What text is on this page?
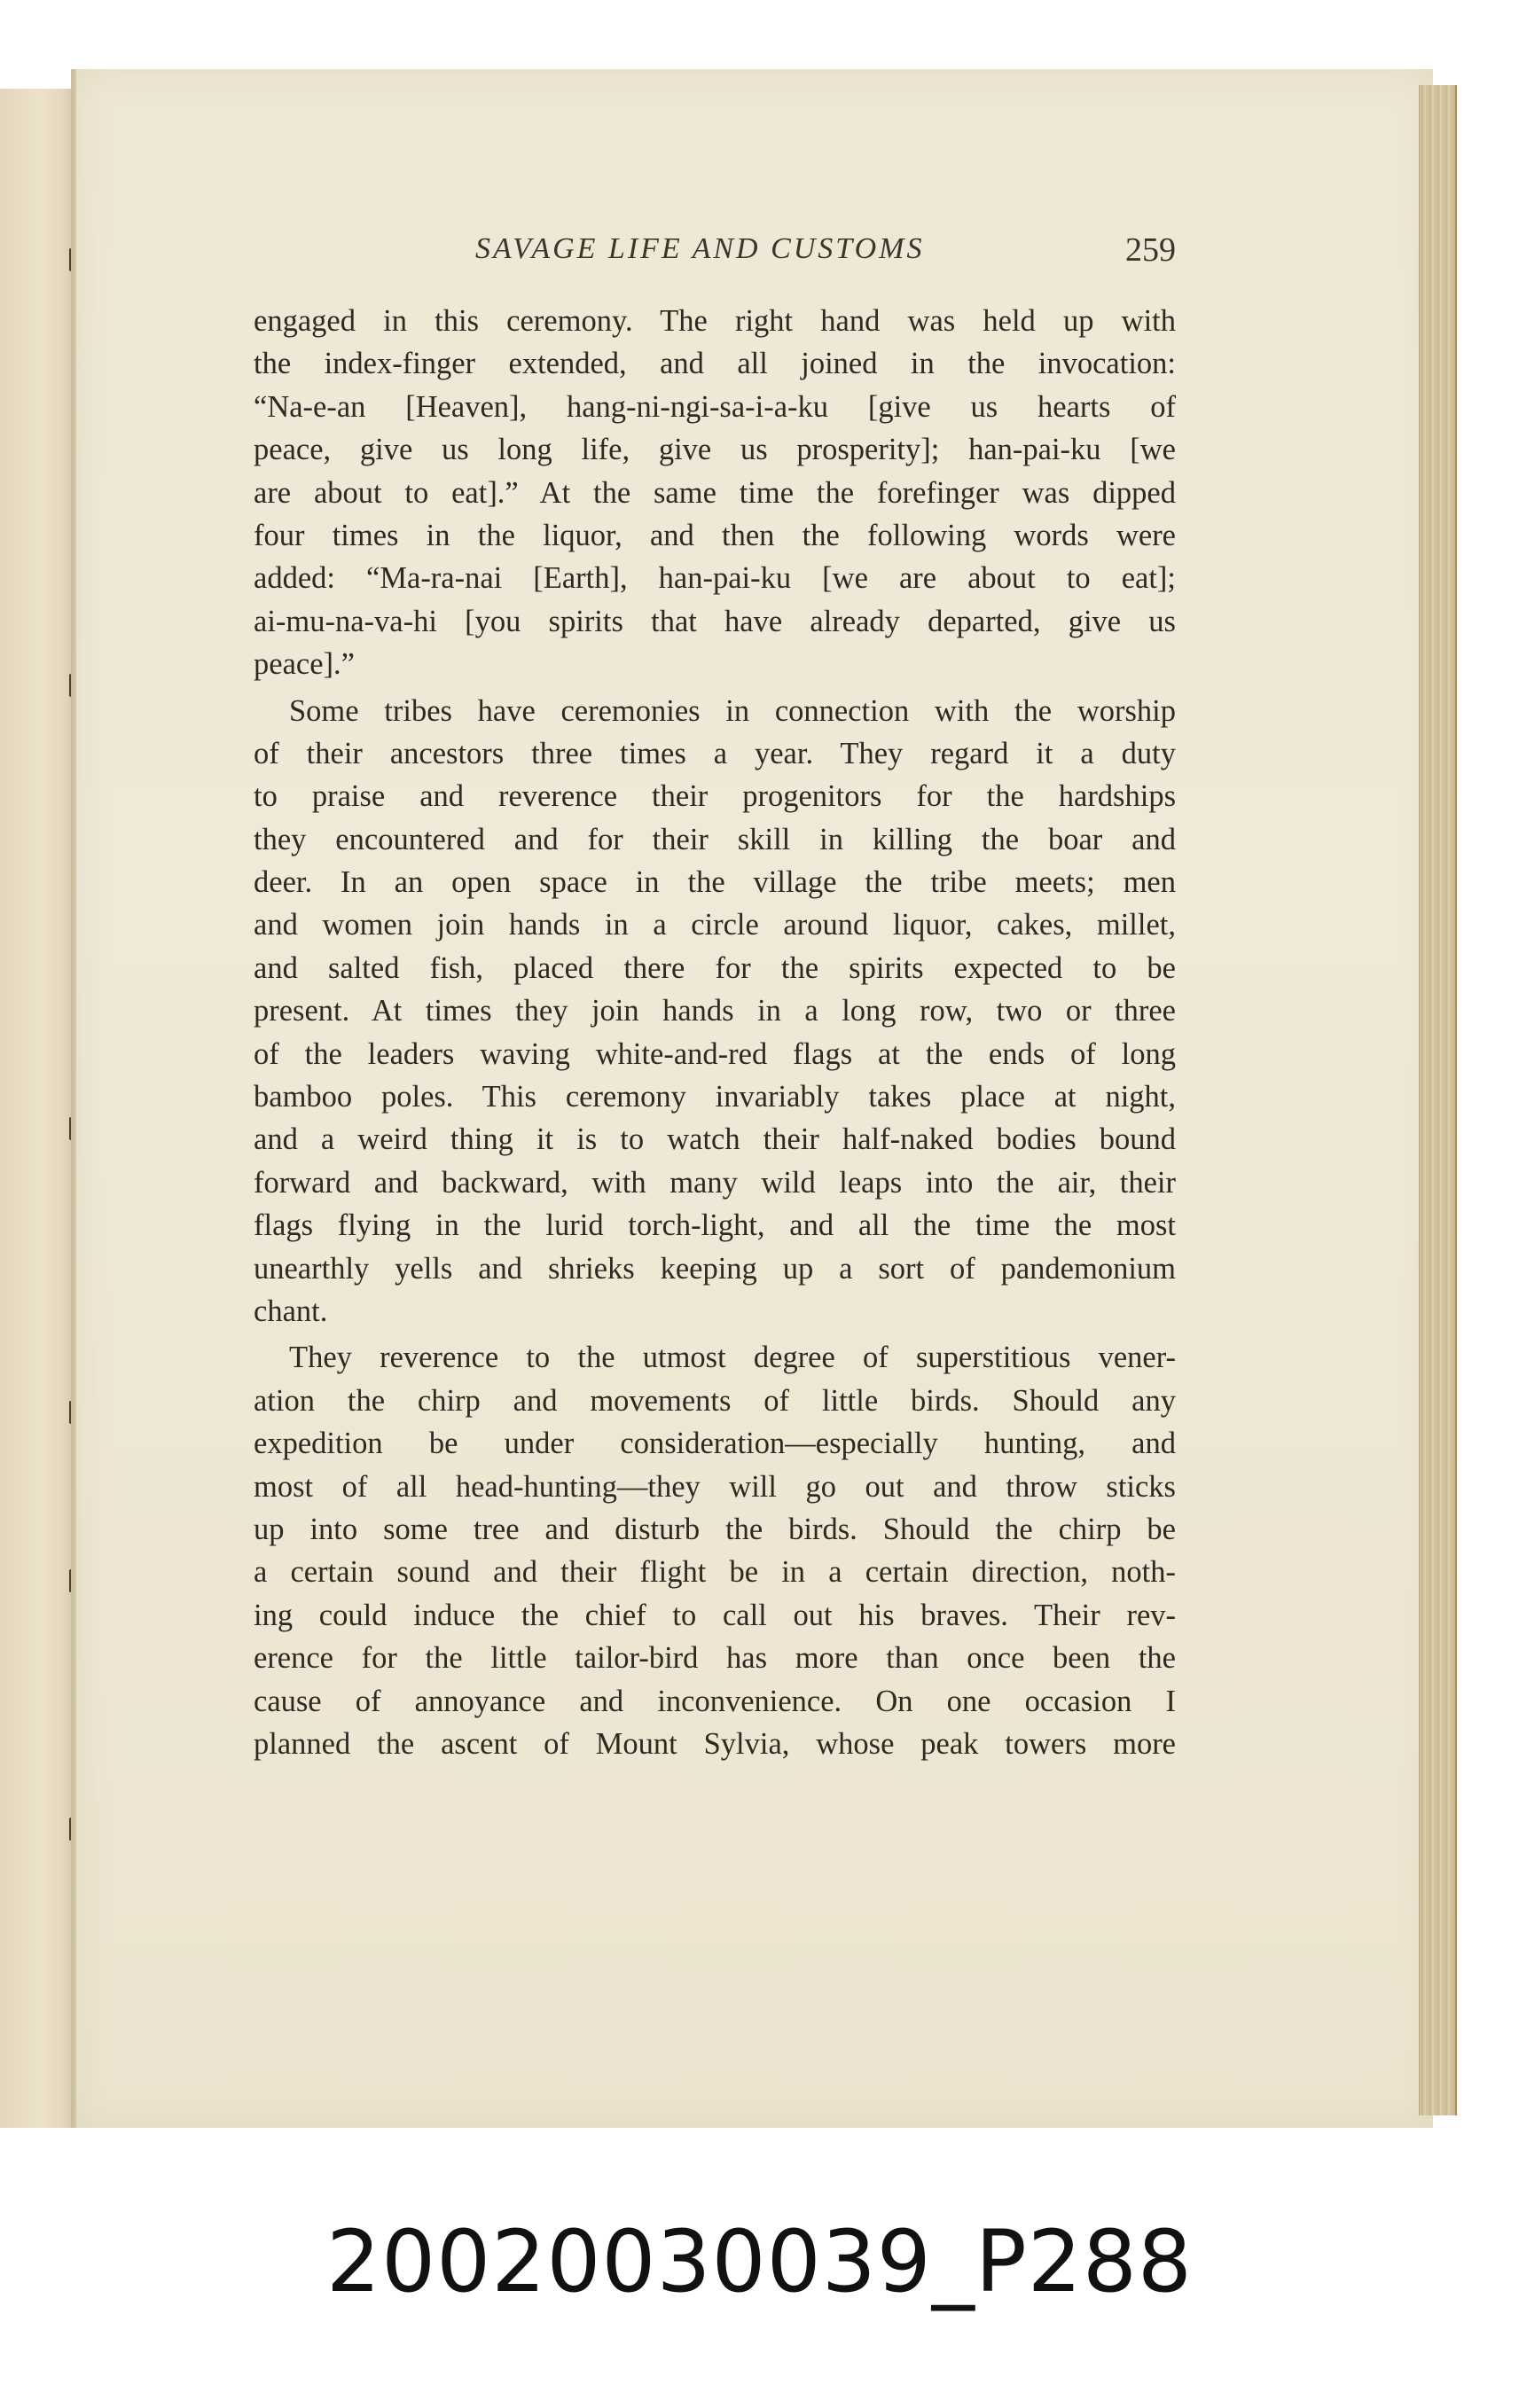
SAVAGE LIFE AND CUSTOMS	259
engaged in this ceremony. The right hand was held up with
the index-finger extended, and all joined in the invocation:
“Na-e-an [Heaven], hang-ni-ngi-sa-i-a-ku [give us hearts of
peace, give us long life, give us prosperity]; han-pai-ku [we
are about to eat].” At the same time the forefinger was dipped
four times in the liquor, and then the following words were
added: “Ma-ra-nai [Earth], han-pai-ku [we are about to eat];
ai-mu-na-va-hi [you spirits that have already departed, give us
peace].”
Some tribes have ceremonies in connection with the worship
of their ancestors three times a year. They regard it a duty
to praise and reverence their progenitors for the hardships
they encountered and for their skill in killing the boar and
deer. In an open space in the village the tribe meets; men
and women join hands in a circle around liquor, cakes, millet,
and salted fish, placed there for the spirits expected to be
present. At times they join hands in a long row, two or three
of the leaders waving white-and-red flags at the ends of long
bamboo poles. This ceremony invariably takes place at night,
and a weird thing it is to watch their half-naked bodies bound
forward and backward, with many wild leaps into the air, their
flags flying in the lurid torch-light, and all the time the most
unearthly yells and shrieks keeping up a sort of pandemonium
chant.
They reverence to the utmost degree of superstitious vener-
ation the chirp and movements of little birds. Should any
expedition be under consideration—especially hunting, and
most of all head-hunting—they will go out and throw sticks
up into some tree and disturb the birds. Should the chirp be
a certain sound and their flight be in a certain direction, noth-
ing could induce the chief to call out his braves. Their rev-
erence for the little tailor-bird has more than once been the
cause of annoyance and inconvenience. On one occasion I
planned the ascent of Mount Sylvia, whose peak towers more
20020030039_P288
